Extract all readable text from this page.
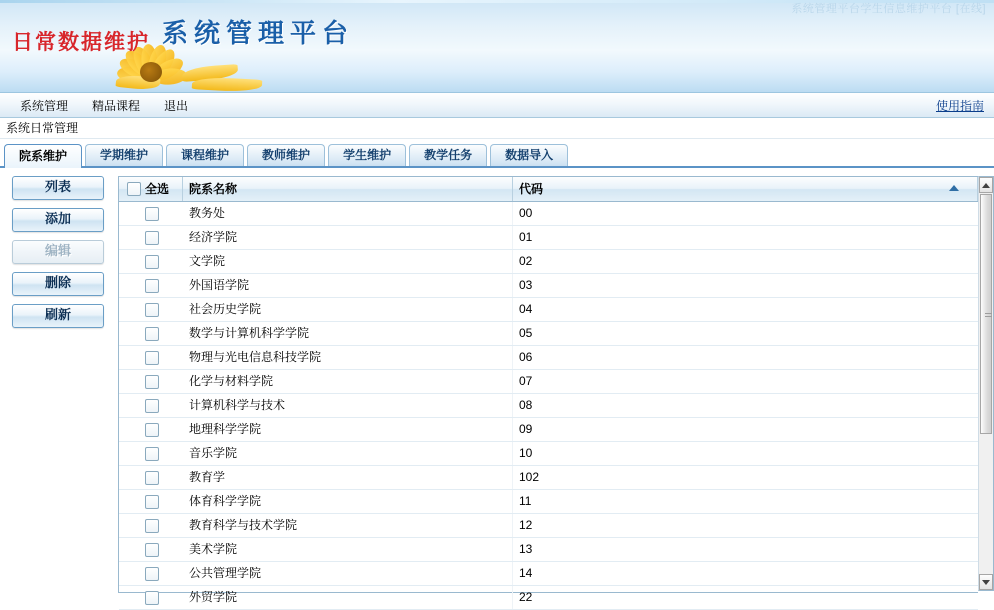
系统管理平台学生信息维护平台 [在线]
系统管理平台
日常数据维护
系统管理	精品课程	退出	使用指南
系统日常管理
院系维护	学期维护	课程维护	教师维护	学生维护	教学任务	数据导入
列表
添加
编辑
删除
刷新
全选	院系名称	代码
教务处	00
经济学院	01
文学院	02
外国语学院	03
社会历史学院	04
数学与计算机科学学院	05
物理与光电信息科技学院	06
化学与材料学院	07
计算机科学与技术	08
地理科学学院	09
音乐学院	10
教育学	102
体育科学学院	11
教育科学与技术学院	12
美术学院	13
公共管理学院	14
外贸学院	22
